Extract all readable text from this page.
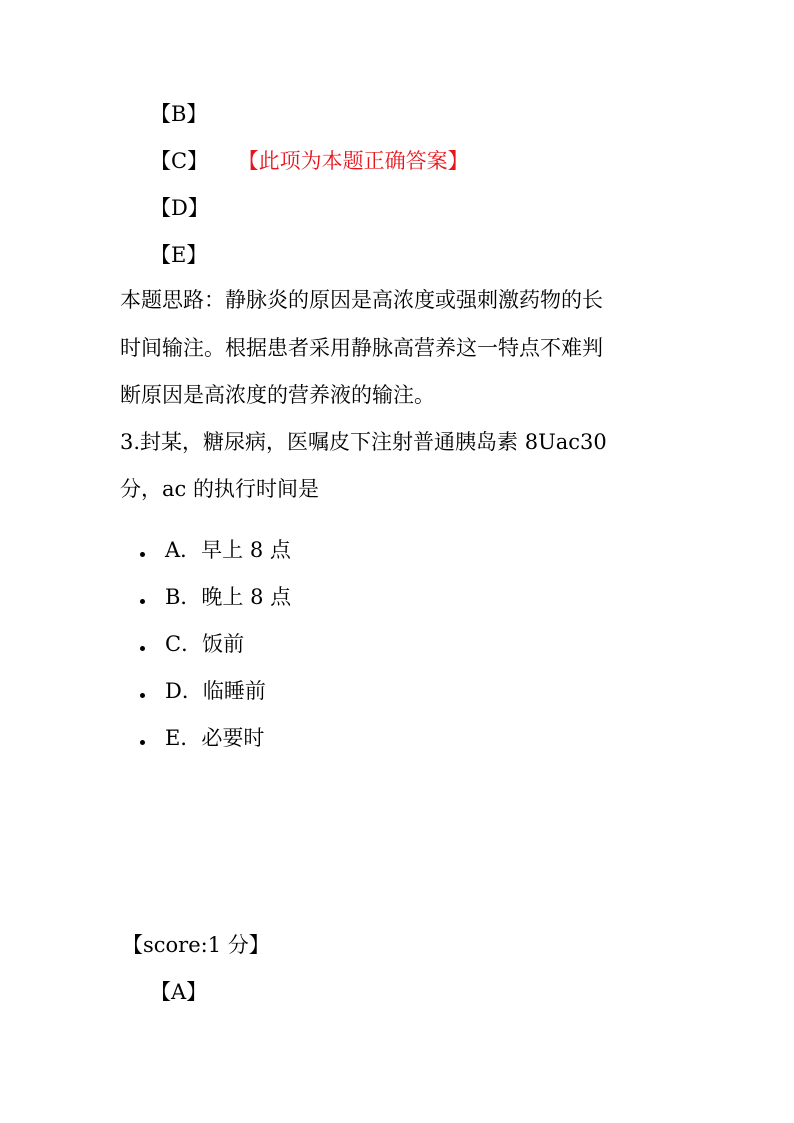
【B】
【C】 【此项为本题正确答案】
【D】
【E】
本题思路：静脉炎的原因是高浓度或强刺激药物的长
时间输注。根据患者采用静脉高营养这一特点不难判
断原因是高浓度的营养液的输注。
3.封某，糖尿病，医嘱皮下注射普通胰岛素 8Uac30
分，ac 的执行时间是
A．早上 8 点
B．晚上 8 点
C．饭前
D．临睡前
E．必要时
【score:1 分】
【A】
